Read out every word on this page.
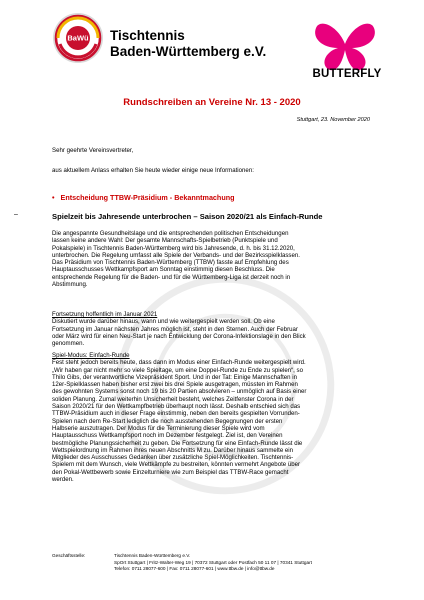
BaWü Tischtennis
Baden-Württemberg e.V.
BUTTERFLY
Rundschreiben an Vereine Nr. 13 - 2020
Stuttgart, 23. November 2020
Sehr geehrte Vereinsvertreter,
aus aktuellem Anlass erhalten Sie heute wieder einige neue Informationen:
• Entscheidung TTBW-Präsidium - Bekanntmachung
–	Spielzeit bis Jahresende unterbrochen – Saison 2020/21 als Einfach-Runde
Die angespannte Gesundheitslage und die entsprechenden politischen Entscheidungen
lassen keine andere Wahl: Der gesamte Mannschafts-Spielbetrieb (Punktspiele und
Pokalspiele) in Tischtennis Baden-Württemberg wird bis Jahresende, d. h. bis 31.12.2020,
unterbrochen. Die Regelung umfasst alle Spiele der Verbands- und der Bezirksspielklassen.
Das Präsidium von Tischtennis Baden-Württemberg (TTBW) fasste auf Empfehlung des
Hauptausschusses Wettkampfsport am Sonntag einstimmig diesen Beschluss. Die
entsprechende Regelung für die Baden- und für die Württemberg-Liga ist derzeit noch in
Abstimmung.
Fortsetzung hoffentlich im Januar 2021
Diskutiert wurde darüber hinaus, wann und wie weitergespielt werden soll. Ob eine
Fortsetzung im Januar nächsten Jahres möglich ist, steht in den Sternen. Auch der Februar
oder März wird für einen Neu-Start je nach Entwicklung der Corona-Infektionslage in den Blick
genommen.
Spiel-Modus: Einfach-Runde
Fest steht jedoch bereits heute, dass dann im Modus einer Einfach-Runde weitergespielt wird.
„Wir haben gar nicht mehr so viele Spieltage, um eine Doppel-Runde zu Ende zu spielen“, so
Thilo Gibs, der verantwortliche Vizepräsident Sport. Und in der Tat: Einige Mannschaften in
12er-Spielklassen haben bisher erst zwei bis drei Spiele ausgetragen, müssten im Rahmen
des gewohnten Systems sonst noch 19 bis 20 Partien absolvieren – unmöglich auf Basis einer
soliden Planung. Zumal weiterhin Unsicherheit besteht, welches Zeitfenster Corona in der
Saison 2020/21 für den Wettkampfbetrieb überhaupt noch lässt. Deshalb entschied sich das
TTBW-Präsidium auch in dieser Frage einstimmig, neben den bereits gespielten Vorrunden-
Spielen nach dem Re-Start lediglich die noch ausstehenden Begegnungen der ersten
Halbserie auszutragen. Der Modus für die Terminierung dieser Spiele wird vom
Hauptausschuss Wettkampfsport noch im Dezember festgelegt. Ziel ist, den Vereinen
bestmögliche Planungssicherheit zu geben. Die Fortsetzung für eine Einfach-Runde lässt die
Wettspielordnung im Rahmen ihres neuen Abschnitts M zu. Darüber hinaus sammelte ein
Mitglieder des Ausschusses Gedanken über zusätzliche Spiel-Möglichkeiten. Tischtennis-
Spielern mit dem Wunsch, viele Wettkämpfe zu bestreiten, könnten vermehrt Angebote über
den Pokal-Wettbewerb sowie Einzelturniere wie zum Beispiel das TTBW-Race gemacht
werden.
Geschäftsstelle:	Tischtennis Baden-Württemberg e.V.
SpOrt Stuttgart | Fritz-Walter-Weg 19 | 70372 Stuttgart oder Postfach 50 11 07 | 70341 Stuttgart
Telefon: 0711 28077-600 | Fax: 0711 28077-601 | www.ttbw.de | info@ttbw.de
